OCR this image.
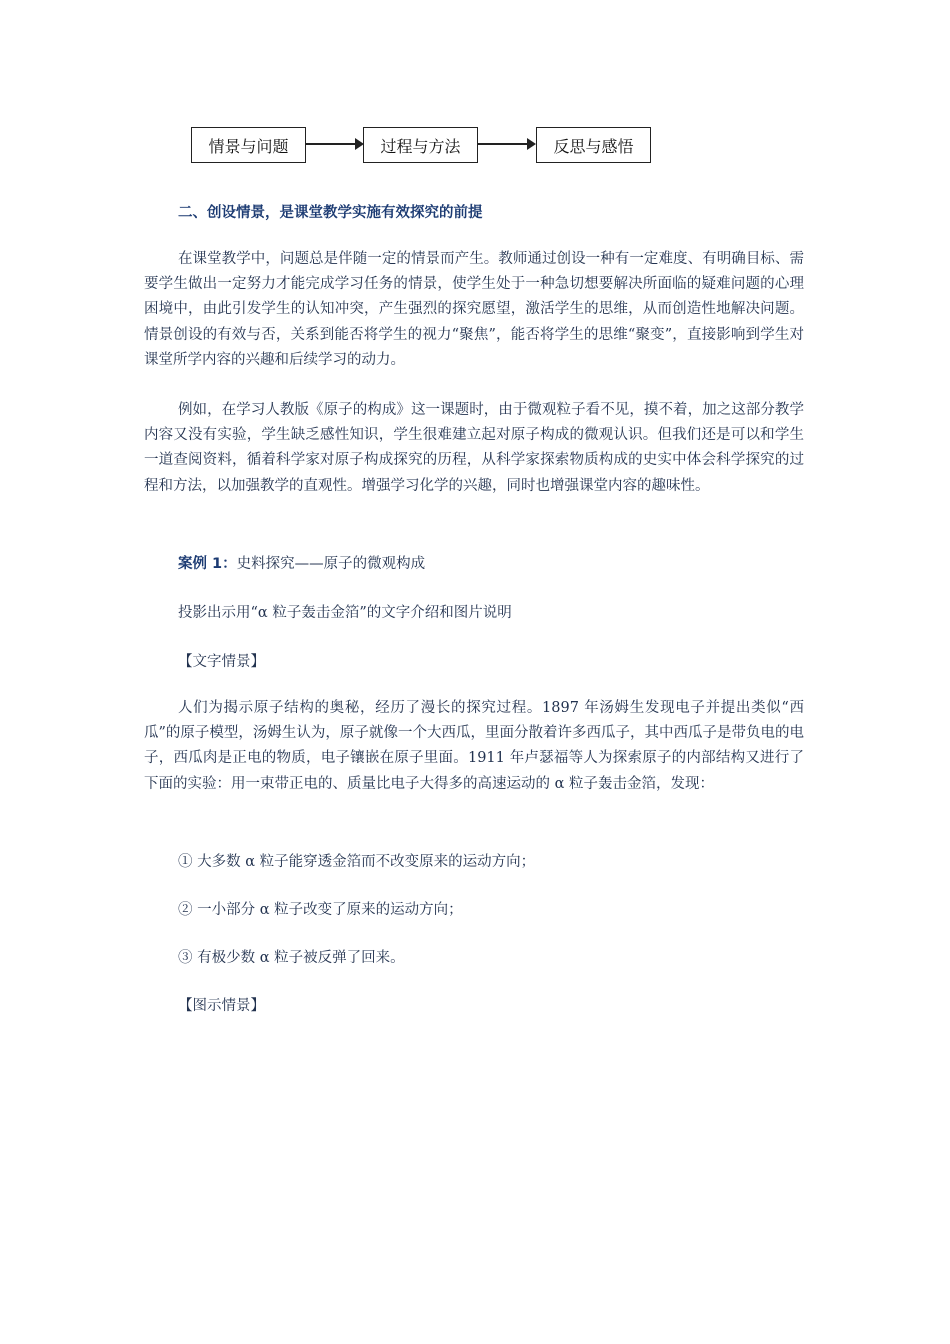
情景与问题	过程与方法	反思与感悟
二、创设情景，是课堂教学实施有效探究的前提
在课堂教学中，问题总是伴随一定的情景而产生。教师通过创设一种有一定难度、有明确目标、需要学生做出一定努力才能完成学习任务的情景，使学生处于一种急切想要解决所面临的疑难问题的心理困境中，由此引发学生的认知冲突，产生强烈的探究愿望，激活学生的思维，从而创造性地解决问题。情景创设的有效与否，关系到能否将学生的视力“聚焦”，能否将学生的思维“聚变”，直接影响到学生对课堂所学内容的兴趣和后续学习的动力。
例如，在学习人教版《原子的构成》这一课题时，由于微观粒子看不见，摸不着，加之这部分教学内容又没有实验，学生缺乏感性知识，学生很难建立起对原子构成的微观认识。但我们还是可以和学生一道查阅资料，循着科学家对原子构成探究的历程，从科学家探索物质构成的史实中体会科学探究的过程和方法，以加强教学的直观性。增强学习化学的兴趣，同时也增强课堂内容的趣味性。
案例 1：史料探究——原子的微观构成
投影出示用“α 粒子轰击金箔”的文字介绍和图片说明
【文字情景】
人们为揭示原子结构的奥秘，经历了漫长的探究过程。1897 年汤姆生发现电子并提出类似“西瓜”的原子模型，汤姆生认为，原子就像一个大西瓜，里面分散着许多西瓜子，其中西瓜子是带负电的电子，西瓜肉是正电的物质，电子镶嵌在原子里面。1911 年卢瑟福等人为探索原子的内部结构又进行了下面的实验：用一束带正电的、质量比电子大得多的高速运动的 α 粒子轰击金箔，发现：
① 大多数 α 粒子能穿透金箔而不改变原来的运动方向；
② 一小部分 α 粒子改变了原来的运动方向；
③ 有极少数 α 粒子被反弹了回来。
【图示情景】
